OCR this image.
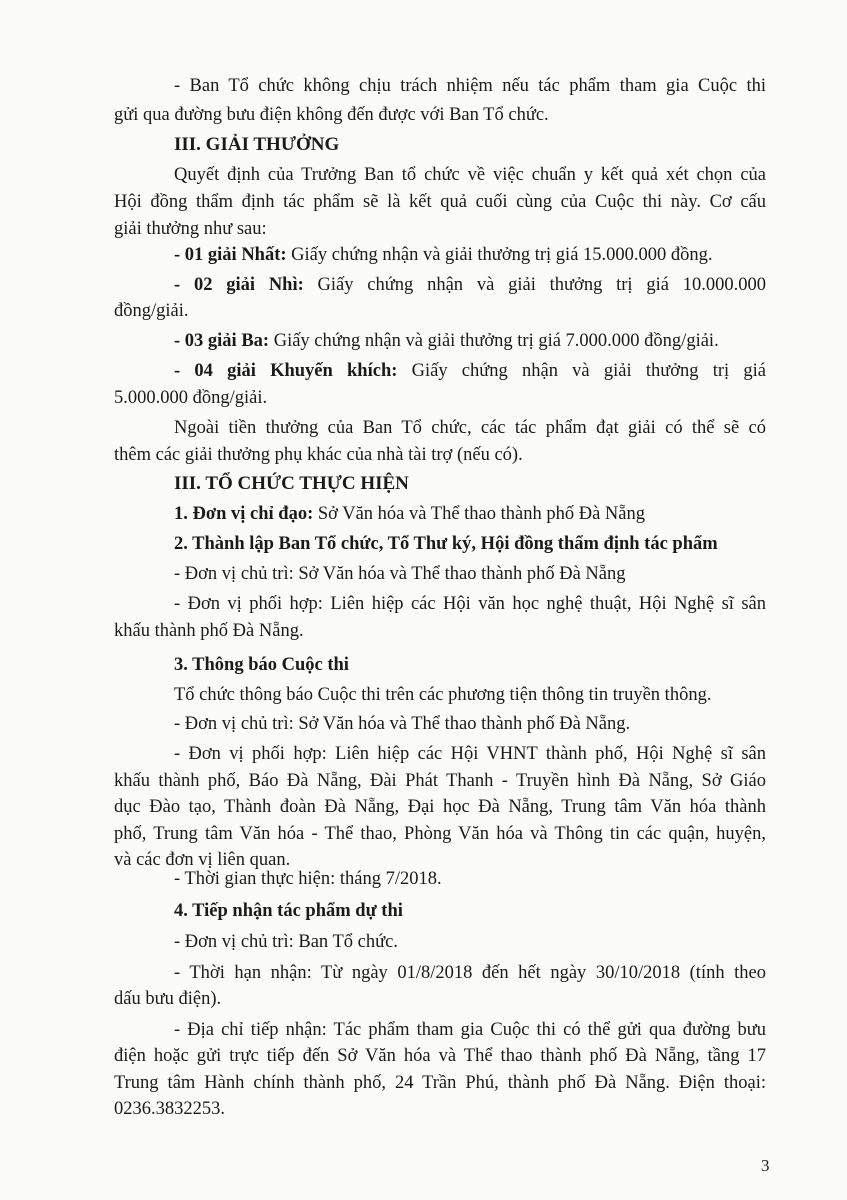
- Ban Tổ chức không chịu trách nhiệm nếu tác phẩm tham gia Cuộc thi
gửi qua đường bưu điện không đến được với Ban Tổ chức.
III. GIẢI THƯỞNG
Quyết định của Trưởng Ban tổ chức về việc chuẩn y kết quả xét chọn của
Hội đồng thẩm định tác phẩm sẽ là kết quả cuối cùng của Cuộc thi này. Cơ cấu
giải thưởng như sau:
- 01 giải Nhất: Giấy chứng nhận và giải thưởng trị giá 15.000.000 đồng.
- 02 giải Nhì: Giấy chứng nhận và giải thưởng trị giá 10.000.000
đồng/giải.
- 03 giải Ba: Giấy chứng nhận và giải thưởng trị giá 7.000.000 đồng/giải.
- 04 giải Khuyến khích: Giấy chứng nhận và giải thưởng trị giá
5.000.000 đồng/giải.
Ngoài tiền thưởng của Ban Tổ chức, các tác phẩm đạt giải có thể sẽ có
thêm các giải thưởng phụ khác của nhà tài trợ (nếu có).
III. TỔ CHỨC THỰC HIỆN
1. Đơn vị chỉ đạo: Sở Văn hóa và Thể thao thành phố Đà Nẵng
2. Thành lập Ban Tổ chức, Tổ Thư ký, Hội đồng thẩm định tác phẩm
- Đơn vị chủ trì: Sở Văn hóa và Thể thao thành phố Đà Nẵng
- Đơn vị phối hợp: Liên hiệp các Hội văn học nghệ thuật, Hội Nghệ sĩ sân
khấu thành phố Đà Nẵng.
3. Thông báo Cuộc thi
Tổ chức thông báo Cuộc thi trên các phương tiện thông tin truyền thông.
- Đơn vị chủ trì: Sở Văn hóa và Thể thao thành phố Đà Nẵng.
- Đơn vị phối hợp: Liên hiệp các Hội VHNT thành phố, Hội Nghệ sĩ sân
khấu thành phố, Báo Đà Nẵng, Đài Phát Thanh - Truyền hình Đà Nẵng, Sở Giáo
dục Đào tạo, Thành đoàn Đà Nẵng, Đại học Đà Nẵng, Trung tâm Văn hóa thành
phố, Trung tâm Văn hóa - Thể thao, Phòng Văn hóa và Thông tin các quận, huyện,
và các đơn vị liên quan.
- Thời gian thực hiện: tháng 7/2018.
4. Tiếp nhận tác phẩm dự thi
- Đơn vị chủ trì: Ban Tổ chức.
- Thời hạn nhận: Từ ngày 01/8/2018 đến hết ngày 30/10/2018 (tính theo
dấu bưu điện).
- Địa chỉ tiếp nhận: Tác phẩm tham gia Cuộc thi có thể gửi qua đường bưu
điện hoặc gửi trực tiếp đến Sở Văn hóa và Thể thao thành phố Đà Nẵng, tầng 17
Trung tâm Hành chính thành phố, 24 Trần Phú, thành phố Đà Nẵng. Điện thoại:
0236.3832253.
3
